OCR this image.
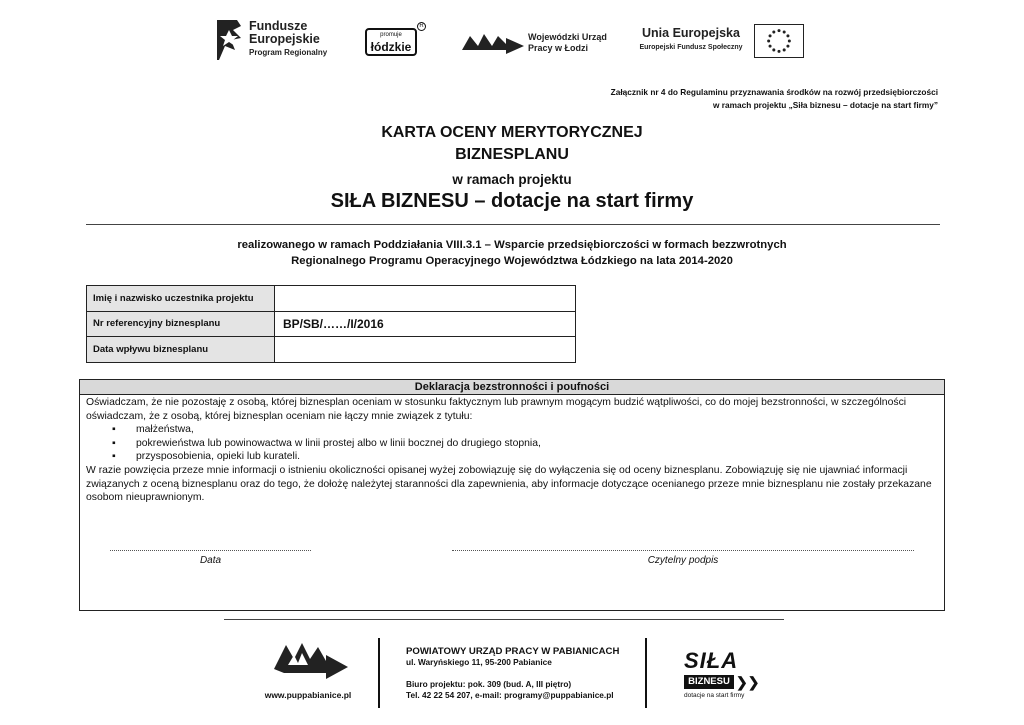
Fundusze
Europejskie
Program Regionalny
promuje
łódzkie
R
Wojewódzki Urząd
Pracy w Łodzi
Unia Europejska
Europejski Fundusz Społeczny
Załącznik nr 4 do Regulaminu przyznawania środków na rozwój przedsiębiorczości
w ramach projektu „Siła biznesu – dotacje na start firmy”
KARTA OCENY MERYTORYCZNEJ
BIZNESPLANU
w ramach projektu
SIŁA BIZNESU – dotacje na start firmy
realizowanego w ramach Poddziałania VIII.3.1 – Wsparcie przedsiębiorczości w formach bezzwrotnych
Regionalnego Programu Operacyjnego Województwa Łódzkiego na lata 2014-2020
Imię i nazwisko uczestnika projektu	
Nr referencyjny biznesplanu	BP/SB/……/I/2016
Data wpływu biznesplanu	
Deklaracja bezstronności i poufności

Oświadczam, że nie pozostaję z osobą, której biznesplan oceniam w stosunku faktycznym lub prawnym mogącym budzić wątpliwości, co do mojej bezstronności, w szczególności oświadczam, że z osobą, której biznesplan oceniam nie łączy mnie związek z tytułu:

▪ małżeństwa,
▪ pokrewieństwa lub powinowactwa w linii prostej albo w linii bocznej do drugiego stopnia,
▪ przysposobienia, opieki lub kurateli.

W razie powzięcia przeze mnie informacji o istnieniu okoliczności opisanej wyżej zobowiązuję się do wyłączenia się od oceny biznesplanu. Zobowiązuję się nie ujawniać informacji związanych z oceną biznesplanu oraz do tego, że dołożę należytej staranności dla zapewnienia, aby informacje dotyczące ocenianego przeze mnie biznesplanu nie zostały przekazane osobom nieuprawnionym.

Data	Czytelny podpis
www.puppabianice.pl
POWIATOWY URZĄD PRACY W PABIANICACH
ul. Waryńskiego 11, 95-200 Pabianice
Biuro projektu: pok. 309 (bud. A, III piętro)
Tel. 42 22 54 207, e-mail: programy@puppabianice.pl
SIŁA
BIZNESU ❯❯
dotacje na start firmy
